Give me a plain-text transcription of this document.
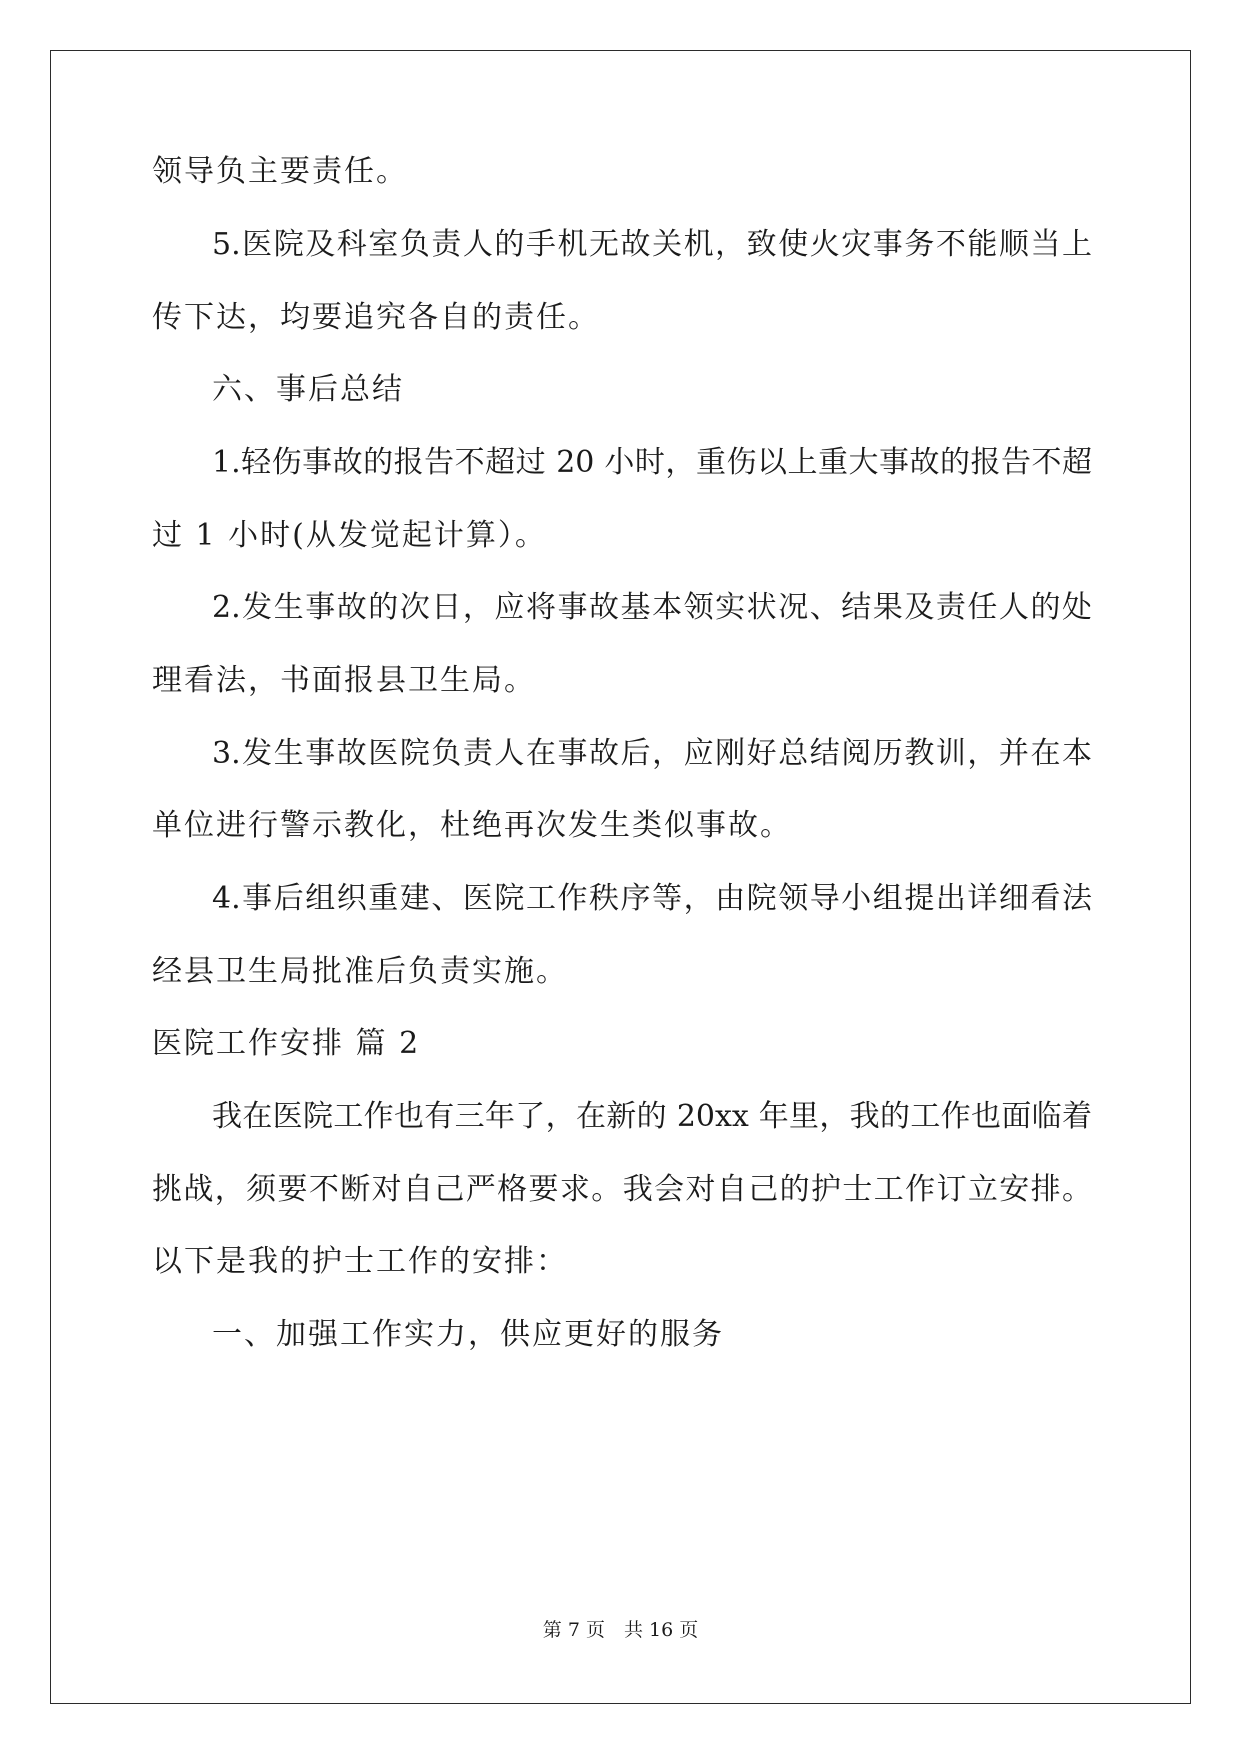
领导负主要责任。
5.医院及科室负责人的手机无故关机，致使火灾事务不能顺当上
传下达，均要追究各自的责任。
六、事后总结
1.轻伤事故的报告不超过 20 小时，重伤以上重大事故的报告不超
过 1 小时(从发觉起计算）。
2.发生事故的次日，应将事故基本领实状况、结果及责任人的处
理看法，书面报县卫生局。
3.发生事故医院负责人在事故后，应刚好总结阅历教训，并在本
单位进行警示教化，杜绝再次发生类似事故。
4.事后组织重建、医院工作秩序等，由院领导小组提出详细看法
经县卫生局批准后负责实施。
医院工作安排 篇 2
我在医院工作也有三年了，在新的 20xx 年里，我的工作也面临着
挑战，须要不断对自己严格要求。我会对自己的护士工作订立安排。
以下是我的护士工作的安排：
一、加强工作实力，供应更好的服务
第 7 页　共 16 页
